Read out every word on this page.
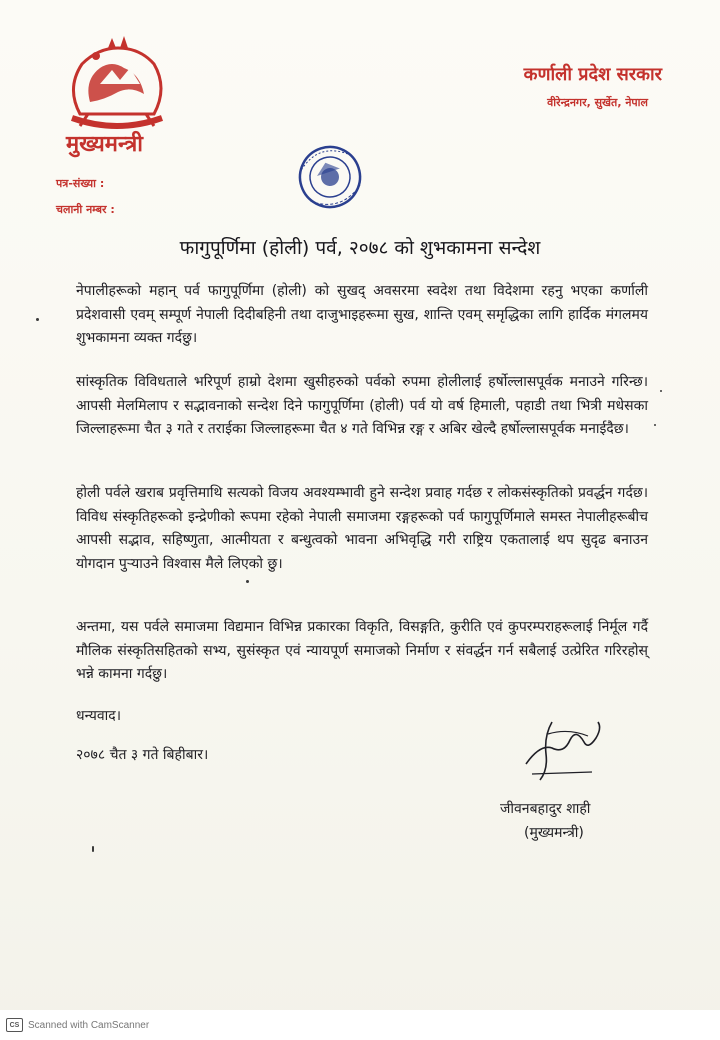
मुख्यमन्त्री
पत्र-संख्या :
चलानी नम्बर :
कर्णाली प्रदेश सरकार
वीरेन्द्रनगर, सुर्खेत, नेपाल
फागुपूर्णिमा (होली) पर्व, २०७८ को शुभकामना सन्देश

नेपालीहरूको महान् पर्व फागुपूर्णिमा (होली) को सुखद् अवसरमा स्वदेश तथा विदेशमा रहनु भएका कर्णाली प्रदेशवासी एवम् सम्पूर्ण नेपाली दिदीबहिनी तथा दाजुभाइहरूमा सुख, शान्ति एवम् समृद्धिका लागि हार्दिक मंगलमय शुभकामना व्यक्त गर्दछु।

सांस्कृतिक विविधताले भरिपूर्ण हाम्रो देशमा खुसीहरुको पर्वको रुपमा होलीलाई हर्षोल्लासपूर्वक मनाउने गरिन्छ। आपसी मेलमिलाप र सद्भावनाको सन्देश दिने फागुपूर्णिमा (होली) पर्व यो वर्ष हिमाली, पहाडी तथा भित्री मधेसका जिल्लाहरूमा चैत ३ गते र तराईका जिल्लाहरूमा चैत ४ गते विभिन्न रङ्ग र अबिर खेल्दै हर्षोल्लासपूर्वक मनाईदैछ।

होली पर्वले खराब प्रवृत्तिमाथि सत्यको विजय अवश्यम्भावी हुने सन्देश प्रवाह गर्दछ र लोकसंस्कृतिको प्रवर्द्धन गर्दछ। विविध संस्कृतिहरूको इन्द्रेणीको रूपमा रहेको नेपाली समाजमा रङ्गहरूको पर्व फागुपूर्णिमाले समस्त नेपालीहरूबीच आपसी सद्भाव, सहिष्णुता, आत्मीयता र बन्धुत्वको भावना अभिवृद्धि गरी राष्ट्रिय एकतालाई थप सुदृढ बनाउन योगदान पुऱ्याउने विश्वास मैले लिएको छु।

अन्तमा, यस पर्वले समाजमा विद्यमान विभिन्न प्रकारका विकृति, विसङ्गति, कुरीति एवं कुपरम्पराहरूलाई निर्मूल गर्दै मौलिक संस्कृतिसहितको सभ्य, सुसंस्कृत एवं न्यायपूर्ण समाजको निर्माण र संवर्द्धन गर्न सबैलाई उत्प्रेरित गरिरहोस् भन्ने कामना गर्दछु।

धन्यवाद।
२०७८ चैत ३ गते बिहीबार।
जीवनबहादुर शाही
(मुख्यमन्त्री)
CS Scanned with CamScanner
